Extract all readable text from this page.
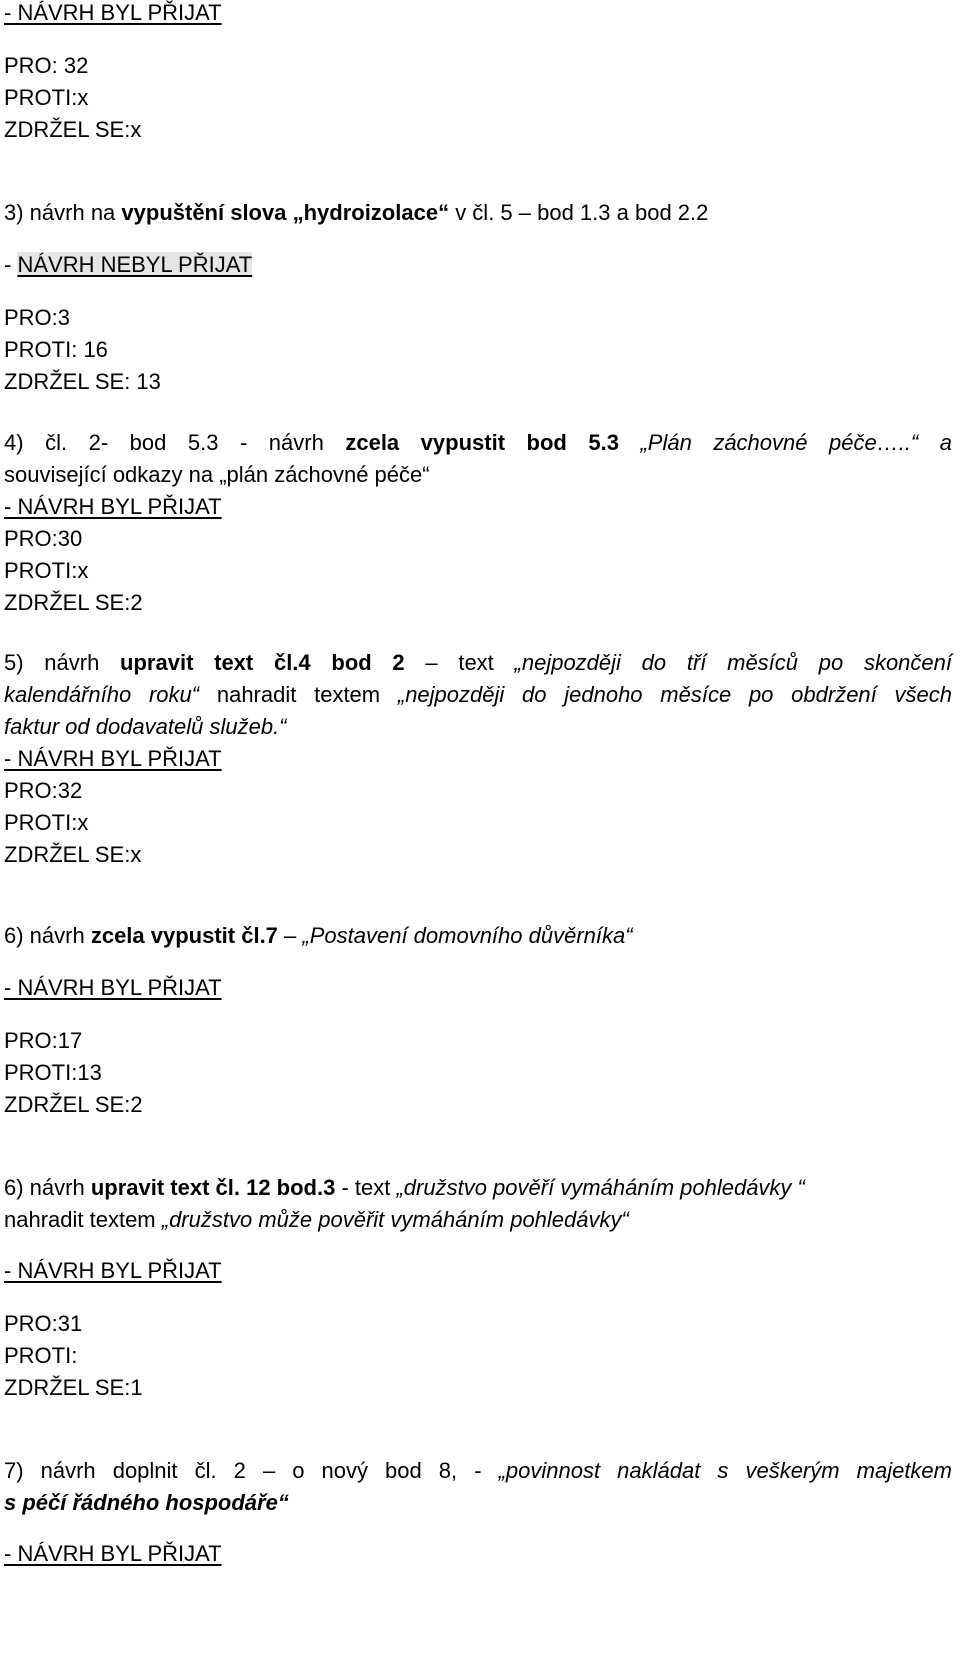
- NÁVRH BYL PŘIJAT
PRO: 32
PROTI:x
ZDRŽEL SE:x
3) návrh na vypuštění slova „hydroizolace“ v čl. 5 – bod 1.3 a bod 2.2
- NÁVRH NEBYL PŘIJAT
PRO:3
PROTI: 16
ZDRŽEL SE: 13
4) čl. 2- bod 5.3 - návrh zcela vypustit bod 5.3 „Plán záchovné péče…..“ a
související odkazy na „plán záchovné péče“
- NÁVRH BYL PŘIJAT
PRO:30
PROTI:x
ZDRŽEL SE:2
5) návrh upravit text čl.4 bod 2 – text „nejpozději do tří měsíců po skončení
kalendářního roku“ nahradit textem „nejpozději do jednoho měsíce po obdržení všech
faktur od dodavatelů služeb.“
- NÁVRH BYL PŘIJAT
PRO:32
PROTI:x
ZDRŽEL SE:x
6) návrh zcela vypustit čl.7 – „Postavení domovního důvěrníka“
- NÁVRH BYL PŘIJAT
PRO:17
PROTI:13
ZDRŽEL SE:2
6) návrh upravit text čl. 12 bod.3 - text „družstvo pověří vymáháním pohledávky “
nahradit textem „družstvo může pověřit vymáháním pohledávky“
- NÁVRH BYL PŘIJAT
PRO:31
PROTI:
ZDRŽEL SE:1
7) návrh doplnit čl. 2 – o nový bod 8, - „povinnost nakládat s veškerým majetkem
s péčí řádného hospodáře“
- NÁVRH BYL PŘIJAT
